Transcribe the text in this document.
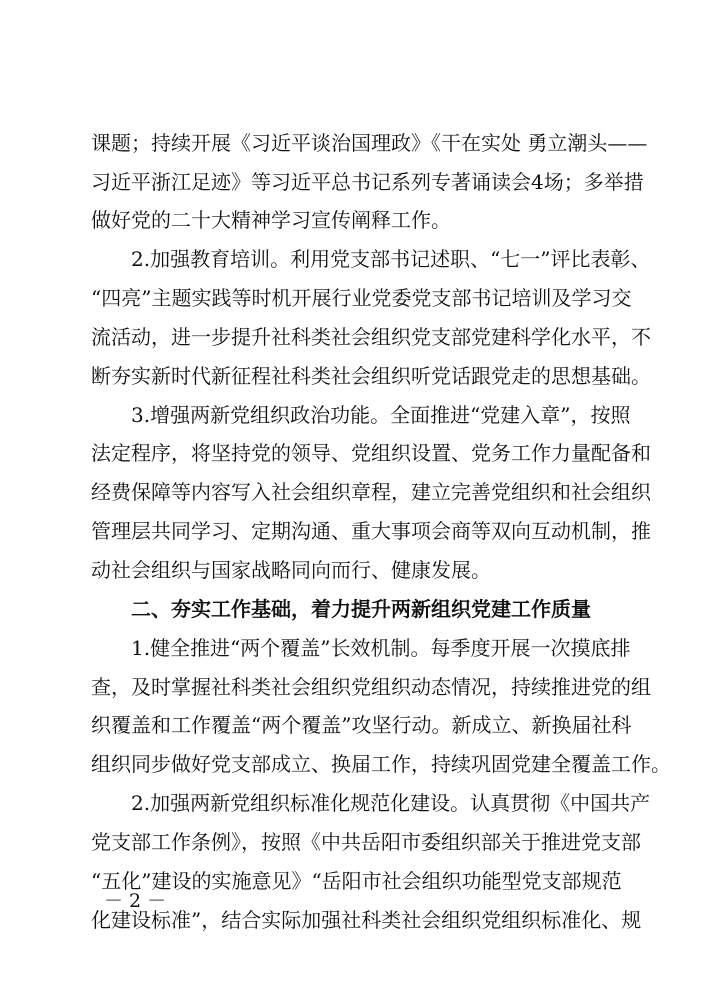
课题；持续开展《习近平谈治国理政》《干在实处 勇立潮头——
习近平浙江足迹》等习近平总书记系列专著诵读会4场；多举措
做好党的二十大精神学习宣传阐释工作。
2.加强教育培训。利用党支部书记述职、“七一”评比表彰、
“四亮”主题实践等时机开展行业党委党支部书记培训及学习交
流活动，进一步提升社科类社会组织党支部党建科学化水平，不
断夯实新时代新征程社科类社会组织听党话跟党走的思想基础。
3.增强两新党组织政治功能。全面推进“党建入章”，按照
法定程序，将坚持党的领导、党组织设置、党务工作力量配备和
经费保障等内容写入社会组织章程，建立完善党组织和社会组织
管理层共同学习、定期沟通、重大事项会商等双向互动机制，推
动社会组织与国家战略同向而行、健康发展。
二、夯实工作基础，着力提升两新组织党建工作质量
1.健全推进“两个覆盖”长效机制。每季度开展一次摸底排
查，及时掌握社科类社会组织党组织动态情况，持续推进党的组
织覆盖和工作覆盖“两个覆盖”攻坚行动。新成立、新换届社科
组织同步做好党支部成立、换届工作，持续巩固党建全覆盖工作。
2.加强两新党组织标准化规范化建设。认真贯彻《中国共产
党支部工作条例》，按照《中共岳阳市委组织部关于推进党支部
“五化”建设的实施意见》“岳阳市社会组织功能型党支部规范
化建设标准”，结合实际加强社科类社会组织党组织标准化、规
－ 2 －
